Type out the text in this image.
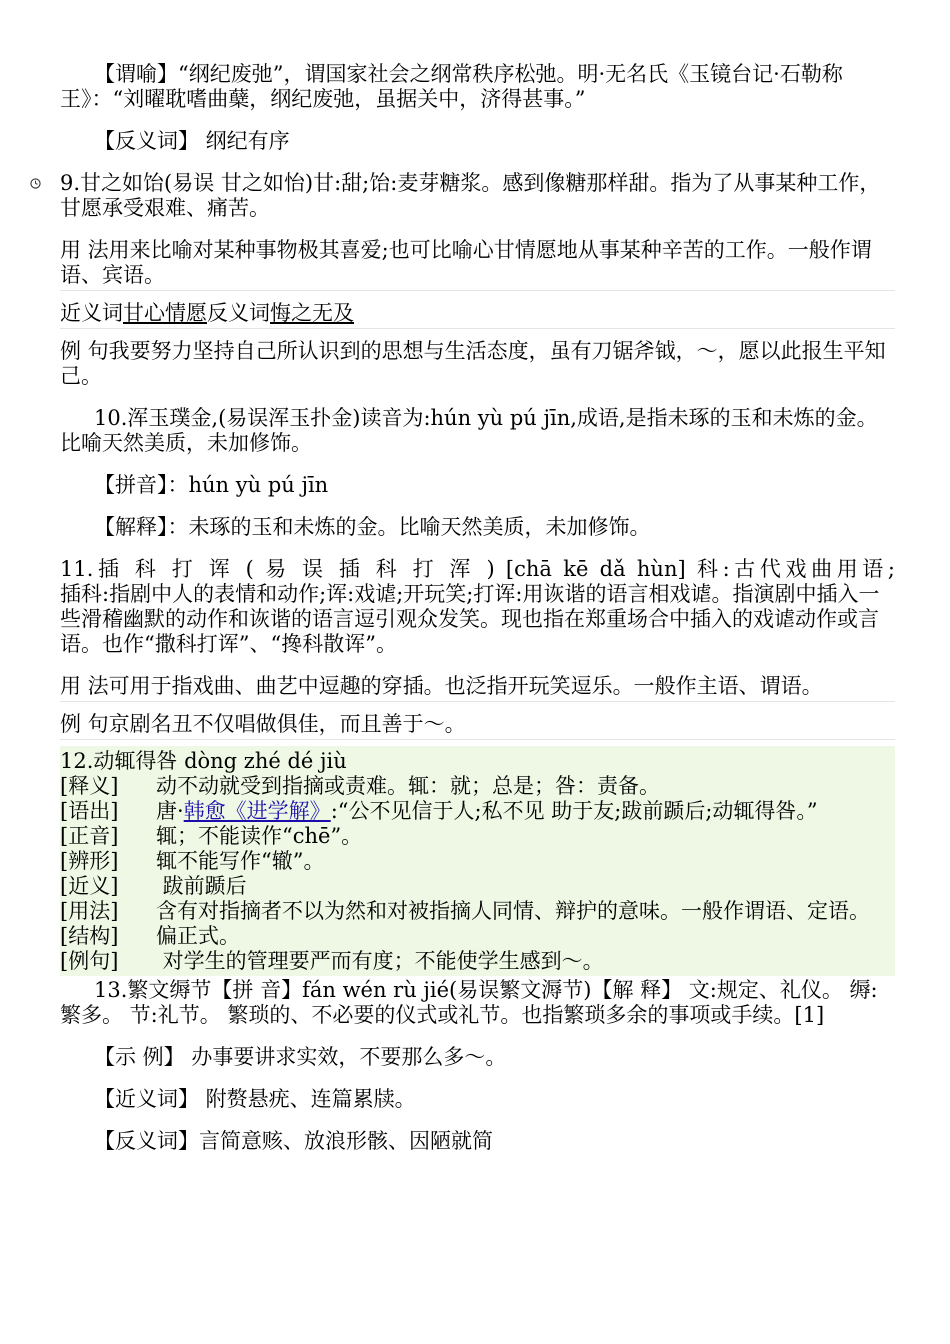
【谓喻】“纲纪废弛”，谓国家社会之纲常秩序松弛。明·无名氏《玉镜台记·石勒称王》：“刘曜耽嗜曲蘖，纲纪废弛，虽据关中，济得甚事。”

【反义词】 纲纪有序

9.甘之如饴(易误 甘之如怡)甘:甜;饴:麦芽糖浆。感到像糖那样甜。指为了从事某种工作，甘愿承受艰难、痛苦。

用 法用来比喻对某种事物极其喜爱;也可比喻心甘情愿地从事某种辛苦的工作。一般作谓语、宾语。

近义词甘心情愿反义词悔之无及

例 句我要努力坚持自己所认识到的思想与生活态度，虽有刀锯斧钺，～，愿以此报生平知己。

10.浑玉璞金,(易误浑玉扑金)读音为:hún yù pú jīn,成语,是指未琢的玉和未炼的金。比喻天然美质，未加修饰。

【拼音】：hún yù pú jīn

【解释】：未琢的玉和未炼的金。比喻天然美质，未加修饰。

11.插 科 打 诨 ( 易 误 插 科 打 浑 ) [chā kē dǎ hùn] 科:古代戏曲用语;

插科:指剧中人的表情和动作;诨:戏谑;开玩笑;打诨:用诙谐的语言相戏谑。指演剧中插入一些滑稽幽默的动作和诙谐的语言逗引观众发笑。现也指在郑重场合中插入的戏谑动作或言语。也作“撒科打诨”、“搀科散诨”。

用 法可用于指戏曲、曲艺中逗趣的穿插。也泛指开玩笑逗乐。一般作主语、谓语。

例 句京剧名丑不仅唱做俱佳，而且善于～。

12.动辄得咎 dòng zhé dé jiù
[释义] 动不动就受到指摘或责难。辄：就；总是；咎：责备。
[语出] 唐·韩愈《进学解》:“公不见信于人;私不见 助于友;跋前踬后;动辄得咎。”
[正音] 辄；不能读作“chē”。
[辨形] 辄不能写作“辙”。
[近义] 跋前踬后
[用法] 含有对指摘者不以为然和对被指摘人同情、辩护的意味。一般作谓语、定语。
[结构] 偏正式。
[例句] 对学生的管理要严而有度；不能使学生感到～。

13.繁文缛节【拼 音】fán wén rù jié(易误繁文溽节)【解 释】 文:规定、礼仪。 缛:繁多。 节:礼节。 繁琐的、不必要的仪式或礼节。也指繁琐多余的事项或手续。[1]

【示 例】 办事要讲求实效，不要那么多～。

【近义词】 附赘悬疣、连篇累牍。

【反义词】言简意赅、放浪形骸、因陋就简
